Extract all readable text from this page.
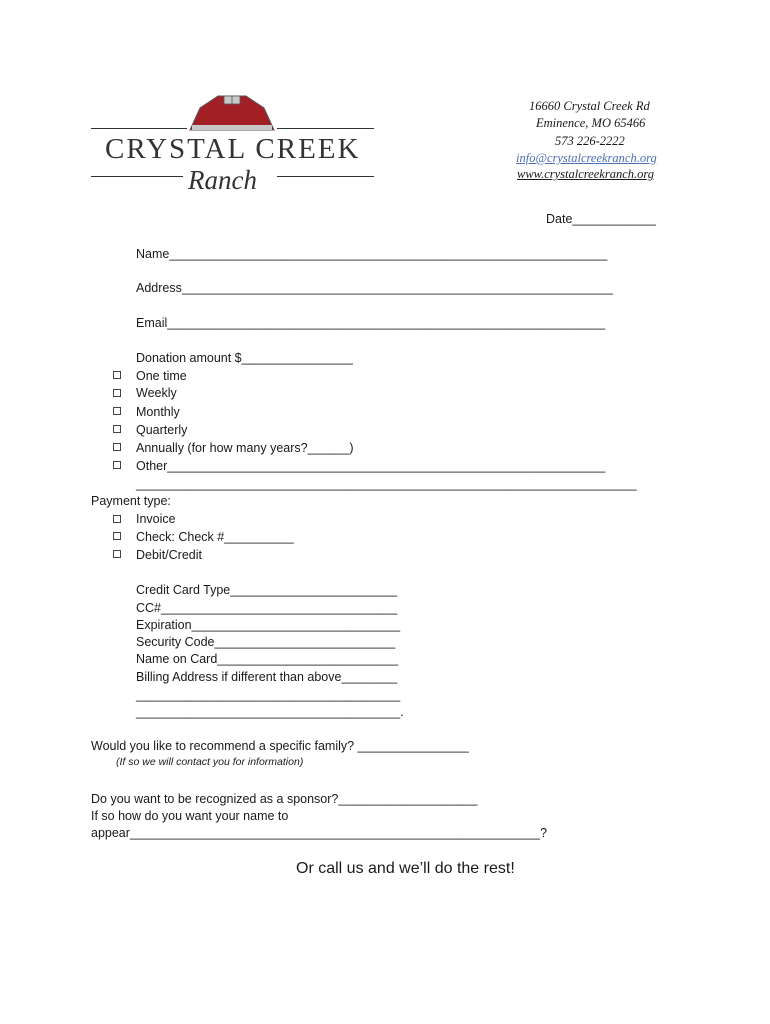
CRYSTAL CREEK
Ranch
16660 Crystal Creek Rd
Eminence, MO 65466
573 226-2222
info@crystalcreekranch.org
www.crystalcreekranch.org
Date____________
Name_______________________________________________________________
Address______________________________________________________________
Email_______________________________________________________________
Donation amount $________________
One time
Weekly
Monthly
Quarterly
Annually (for how many years?______)
Other_______________________________________________________________
________________________________________________________________________
Payment type:
Invoice
Check: Check #__________
Debit/Credit
Credit Card Type________________________
CC#__________________________________
Expiration______________________________
Security Code__________________________
Name on Card__________________________
Billing Address if different than above________
______________________________________
______________________________________.
Would you like to recommend a specific family? ________________
(If so we will contact you for information)
Do you want to be recognized as a sponsor?____________________
If so how do you want your name to
appear___________________________________________________________?
Or call us and we’ll do the rest!
